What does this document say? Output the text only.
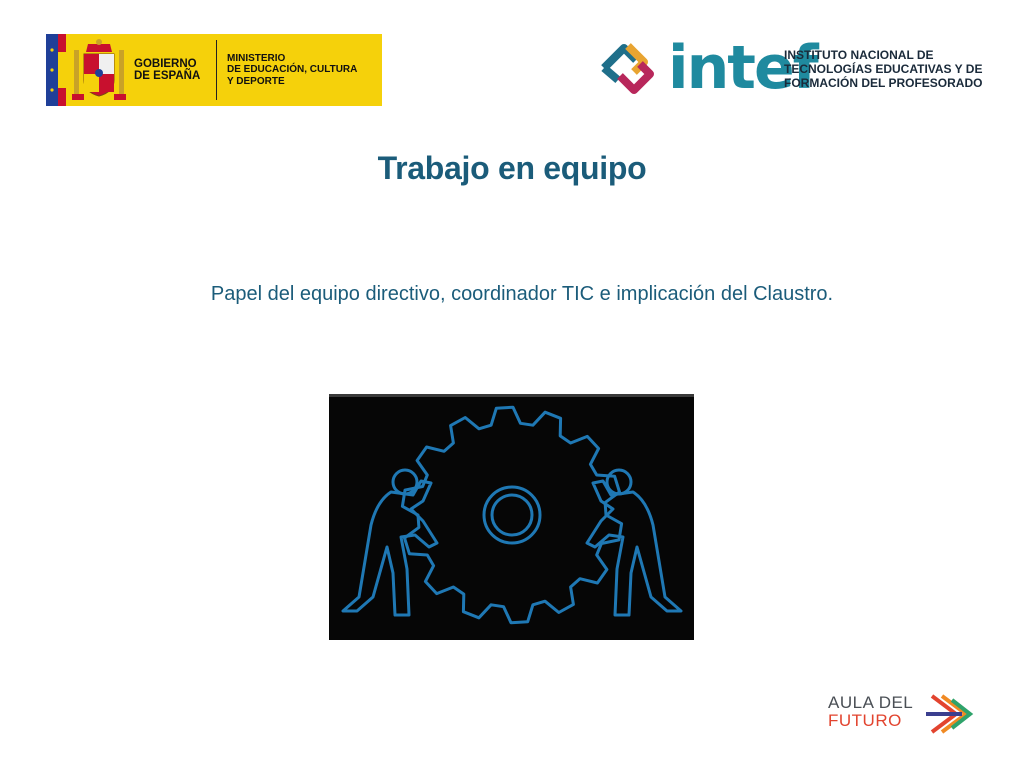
GOBIERNO
DE ESPAÑA
MINISTERIO
DE EDUCACIÓN, CULTURA
Y DEPORTE	intef
INSTITUTO NACIONAL DE
TECNOLOGÍAS EDUCATIVAS Y DE
FORMACIÓN DEL PROFESORADO
Trabajo en equipo
Papel del equipo directivo, coordinador TIC e implicación del Claustro.
AULA DEL
FUTURO
